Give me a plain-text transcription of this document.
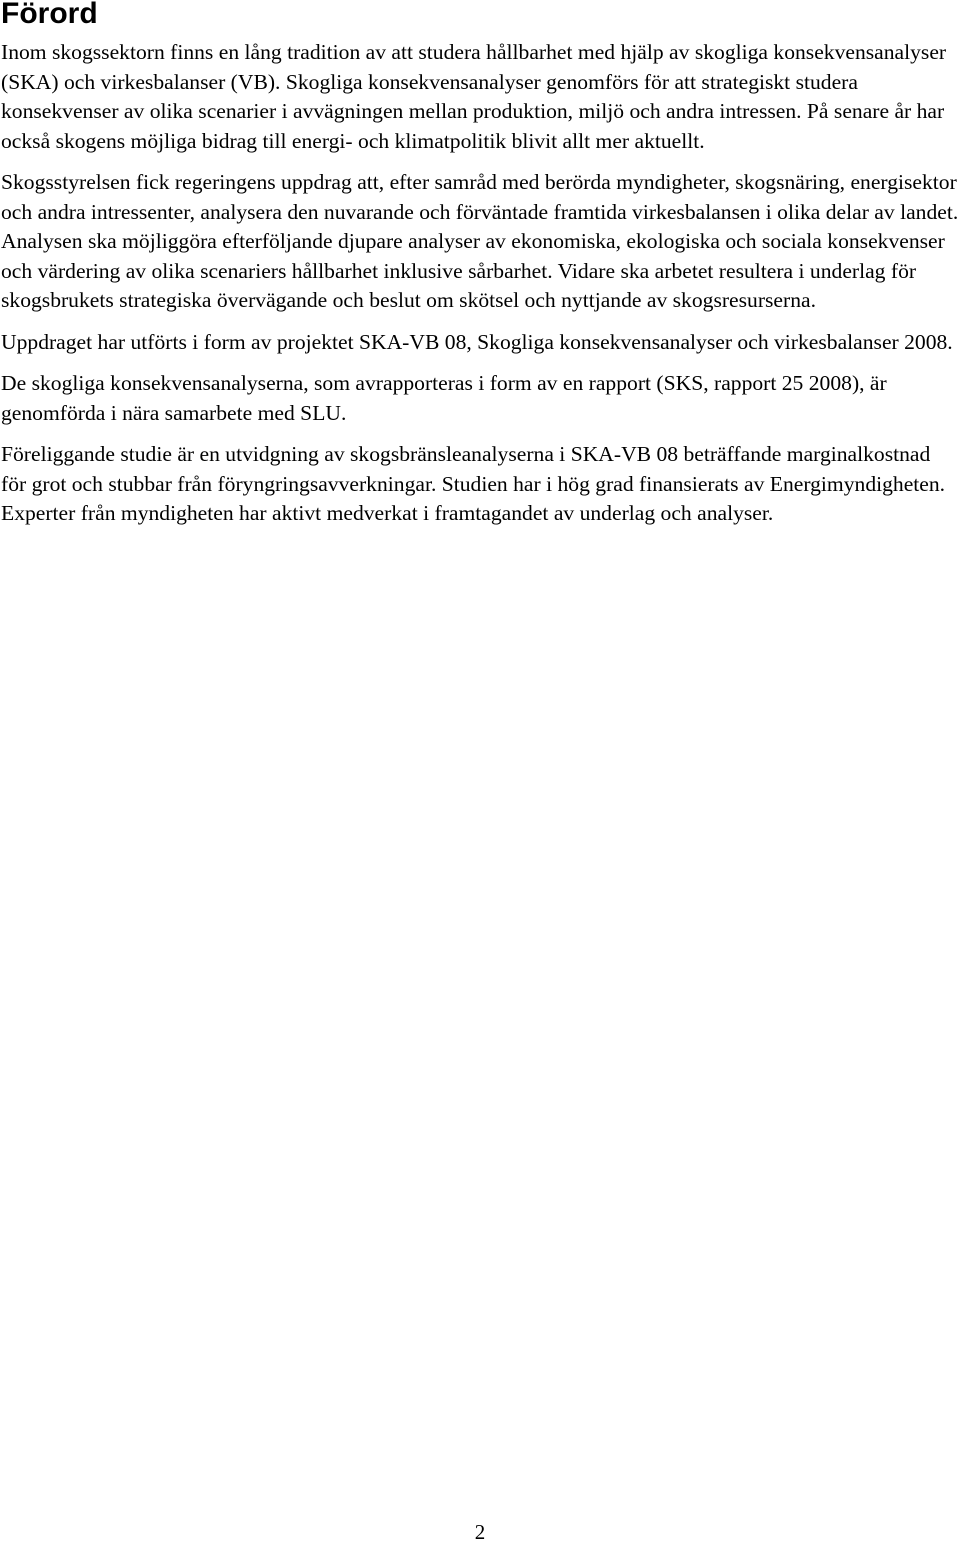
Förord

Inom skogssektorn finns en lång tradition av att studera hållbarhet med hjälp av skogliga konsekvensanalyser (SKA) och virkesbalanser (VB). Skogliga konsekvensanalyser genomförs för att strategiskt studera konsekvenser av olika scenarier i avvägningen mellan produktion, miljö och andra intressen. På senare år har också skogens möjliga bidrag till energi- och klimatpolitik blivit allt mer aktuellt.

Skogsstyrelsen fick regeringens uppdrag att, efter samråd med berörda myndigheter, skogsnäring, energisektor och andra intressenter, analysera den nuvarande och förväntade framtida virkesbalansen i olika delar av landet. Analysen ska möjliggöra efterföljande djupare analyser av ekonomiska, ekologiska och sociala konsekvenser och värdering av olika scenariers hållbarhet inklusive sårbarhet. Vidare ska arbetet resultera i underlag för skogsbrukets strategiska övervägande och beslut om skötsel och nyttjande av skogsresurserna.

Uppdraget har utförts i form av projektet SKA-VB 08, Skogliga konsekvensanalyser och virkesbalanser 2008.

De skogliga konsekvensanalyserna, som avrapporteras i form av en rapport (SKS, rapport 25 2008), är genomförda i nära samarbete med SLU.

Föreliggande studie är en utvidgning av skogsbränsleanalyserna i SKA-VB 08 beträffande marginalkostnad för grot och stubbar från föryngringsavverkningar. Studien har i hög grad finansierats av Energimyndigheten. Experter från myndigheten har aktivt medverkat i framtagandet av underlag och analyser.

2
